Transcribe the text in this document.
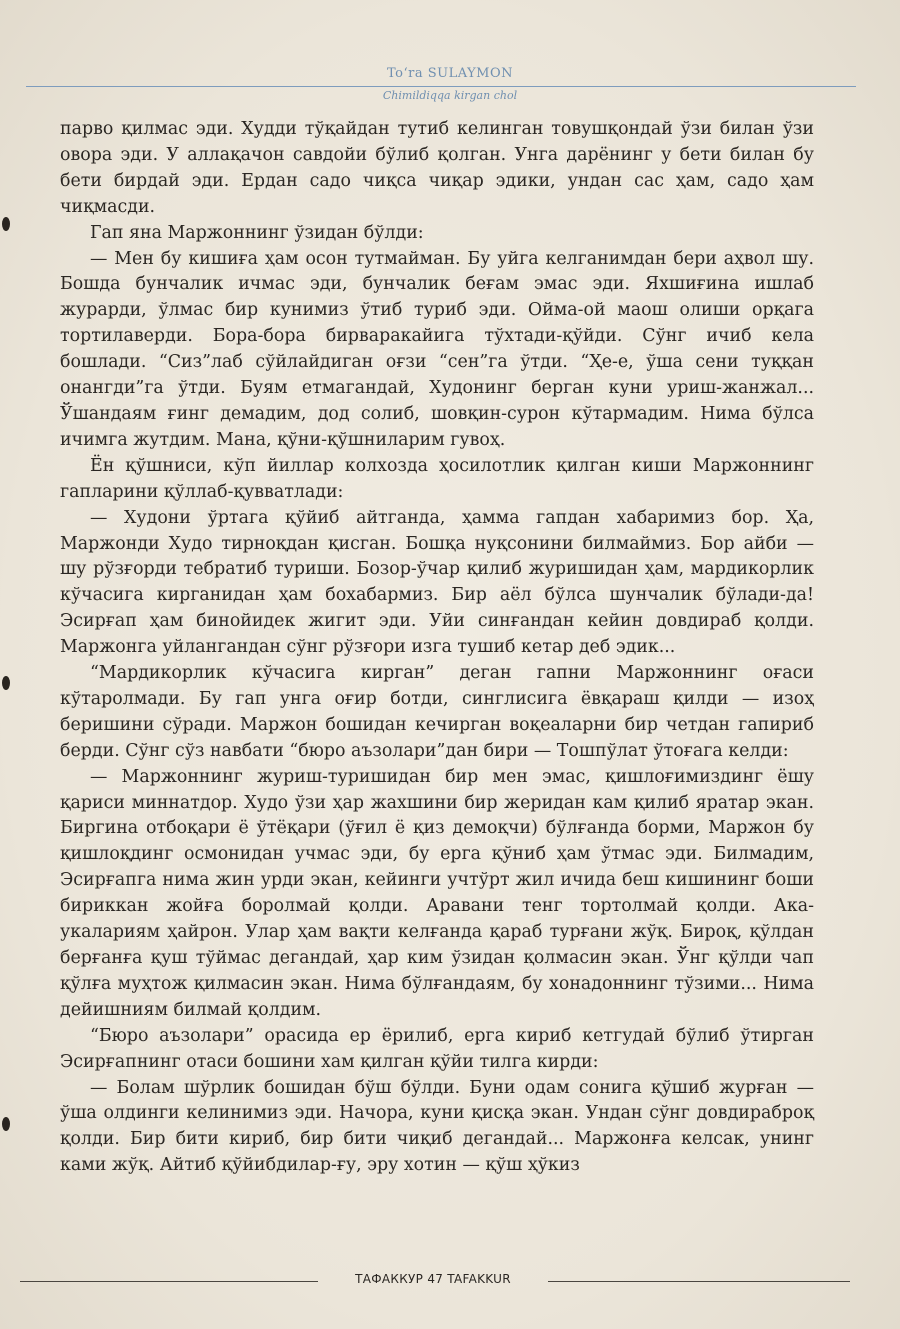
To‘ra SULAYMON
Chimildiqqa kirgan chol

парво қилмас эди. Худди тўқайдан тутиб келинган товушқондай ўзи билан ўзи овора эди. У аллақачон савдойи бўлиб қолган. Унга дарёнинг у бети билан бу бети бирдай эди. Ердан садо чиқса чиқар эдики, ундан сас ҳам, садо ҳам чиқмасди.

Гап яна Маржоннинг ўзидан бўлди:

— Мен бу кишиға ҳам осон тутмайман. Бу уйга келганимдан бери аҳвол шу. Бошда бунчалик ичмас эди, бунчалик беғам эмас эди. Яхшиғина ишлаб журарди, ўлмас бир кунимиз ўтиб туриб эди. Ойма-ой маош олиши орқага тортилаверди. Бора-бора бирваракайига тўхтади-қўйди. Сўнг ичиб кела бошлади. “Сиз”лаб сўйлайдиган оғзи “сен”га ўтди. “Ҳе-е, ўша сени туққан онангди”га ўтди. Буям етмагандай, Худонинг берган куни уриш-жанжал... Ўшандаям ғинг демадим, дод солиб, шовқин-сурон кўтармадим. Нима бўлса ичимга жутдим. Мана, қўни-қўшниларим гувоҳ.

Ён қўшниси, кўп йиллар колхозда ҳосилотлик қилган киши Маржоннинг гапларини қўллаб-қувватлади:

— Худони ўртага қўйиб айтганда, ҳамма гапдан хабаримиз бор. Ҳа, Маржонди Худо тирноқдан қисган. Бошқа нуқсонини билмаймиз. Бор айби — шу рўзғорди тебратиб туриши. Бозор-ўчар қилиб журишидан ҳам, мардикорлик кўчасига кирганидан ҳам бохабармиз. Бир аёл бўлса шунчалик бўлади-да! Эсирғап ҳам бинойидек жигит эди. Уйи синғандан кейин довдираб қолди. Маржонга уйлангандан сўнг рўзғори изга тушиб кетар деб эдик...

“Мардикорлик кўчасига кирган” деган гапни Маржоннинг оғаси кўтаролмади. Бу гап унга оғир ботди, синглисига ёвқараш қилди — изоҳ беришини сўради. Маржон бошидан кечирган воқеаларни бир четдан гапириб берди. Сўнг сўз навбати “бюро аъзолари”дан бири — Тошпўлат ўтоғага келди:

— Маржоннинг журиш-туришидан бир мен эмас, қишлоғимиздинг ёшу қариси миннатдор. Худо ўзи ҳар жахшини бир жеридан кам қилиб яратар экан. Биргина отбоқари ё ўтёқари (ўғил ё қиз демоқчи) бўлғанда борми, Маржон бу қишлоқдинг осмонидан учмас эди, бу ерга қўниб ҳам ўтмас эди. Билмадим, Эсирғапга нима жин урди экан, кейинги учтўрт жил ичида беш кишининг боши бириккан жойға боролмай қолди. Аравани тенг тортолмай қолди. Ака-укалариям ҳайрон. Улар ҳам вақти келғанда қараб турғани жўқ. Бироқ, қўлдан берғанға қуш тўймас дегандай, ҳар ким ўзидан қолмасин экан. Ўнг қўлди чап қўлға муҳтож қилмасин экан. Нима бўлғандаям, бу хонадоннинг тўзими... Нима дейишниям билмай қолдим.

“Бюро аъзолари” орасида ер ёрилиб, ерга кириб кетгудай бўлиб ўтирган Эсирғапнинг отаси бошини хам қилган қўйи тилга кирди:

— Болам шўрлик бошидан бўш бўлди. Буни одам сонига қўшиб журған — ўша олдинги келинимиз эди. Начора, куни қисқа экан. Ундан сўнг довдираброқ қолди. Бир бити кириб, бир бити чиқиб дегандай... Маржонға келсак, унинг ками жўқ. Айтиб қўйибдилар-ғу, эру хотин — қўш ҳўкиз

ТАФАККУР 47 TAFAKKUR
